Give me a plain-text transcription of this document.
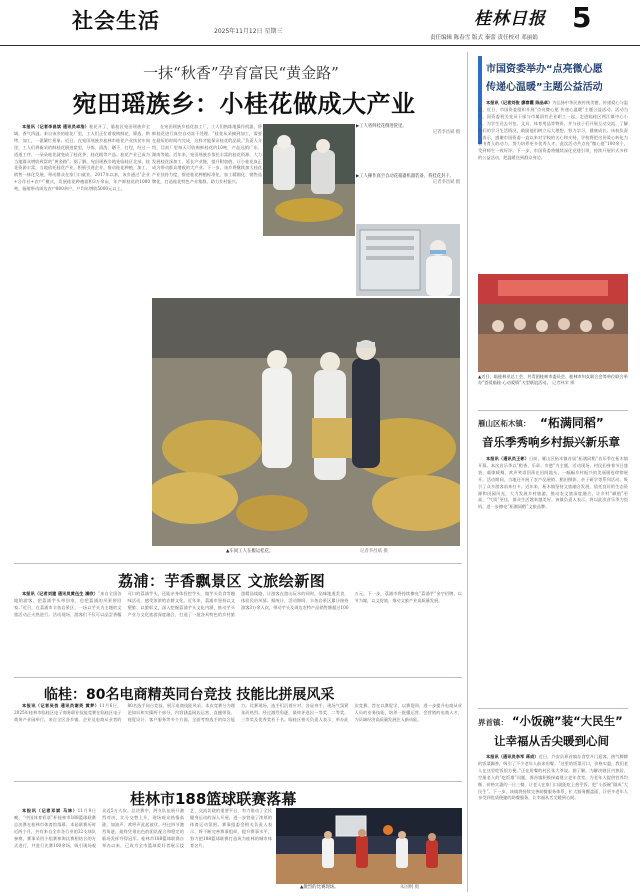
社会生活	2025年11月12日 星期三
桂林日报 5
责任编辑 陈春雪 版式 秦蕾 责任校对 邓丽娟
一抹“秋香”孕育富民“黄金路”
宛田瑶族乡：小桂花做成大产业

本报讯（记者李昌斌 通讯员卓浩）桂花开了，临桂区宛田瑶族乡全域，香气四溢。来自该乡的桂花厂里，工人们正忙着收购鲜花、筛选、烘烤、加工，一派繁忙景象。近日，在宛田瑶族乡桂林市桂花产业扶贫车间里，工人们将新采的鲜桂花倒进筐里，分拣、清洗、晒干、打包，经过一道道工序，一朵朵桂花就变成了桂花茶、桂花糕等产品。桂花产业已成为当地群众增收致富的“黄金路”。据了解，宛田瑶族乡地处临桂区北部，桂花资源丰富，当地依托桂花产业，积极引进企业，推动桂花种植、加工、销售一体化发展，带动群众在家门口就业。2017年以来，该乡通过“企业+合作社+农户”模式，发展桂花种植面积3万余亩，年产鲜桂花约1000吨，辐射带动周边农户800余户，户均年增收5000元以上。

在宛田瑶族乡桂花加工厂，工人们熟练地操作机器，将鲜桂花进行真空自动冻干处理。“桂花从采摘到加工，需要在最短的时间内完成，这样才能保证桂花的品质。”负责人介绍，目前厂里每天可收购鲜桂花约10吨，产品远销广东、湖南等地。近年来，宛田瑶族乡依托丰富的桂花资源，大力发展桂花深加工，延长产业链，提升附加值，让小桂花真正成为带动群众增收的大产业。下一步，该乡将继续加大桂花产业扶持力度，推进桂花种植标准化、加工精细化、销售品牌化，打造桂花特色产业集群，助力乡村振兴。

▶工人将鲜桂花倒进筐里。
记者李昌斌 摄
▶工人操作真空自动花箱器机器装备，将桂花封干。
记者李昌斌 摄
▲车间工人在搬运桂花。	记者李昌斌 摄
荔浦：芋香飘景区 文旅绘新图

本报讯（记者刘建 通讯员黄伍生 潘欣）“来自全国各地的游客，把荔浦芋头带回家，也把荔浦的风景带回家。”近日，在荔浦市丰鱼岩景区，一场以芋头为主题的文旅活动正火热进行。活动现场，游客们不仅可以品尝香糯可口的荔浦芋头，还能亲身体验挖芋头、做芋头美食等趣味活动，感受浓浓的农耕文化。近年来，荔浦市坚持以文塑旅、以旅彰文，深入挖掘荔浦芋头文化内涵，推动芋头产业与文化旅游深度融合，打造了一批各具特色的乡村旅游精品线路，让游客在游山玩水的同时，品味地道美食，体验民俗风情。据统计，活动期间，丰鱼岩景区累计接待游客3万余人次，带动芋头及周边农特产品销售额超过100万元。下一步，荔浦市将持续擦亮“荔浦芋”金字招牌，以节为媒，以文促旅，推动文旅产业高质量发展。

临桂：80名电商精英同台竞技 技能比拼展风采

本报讯（记者吴畏 通讯员谢英 黄梦）11月6日，2025年桂林市临桂区电子商务职业技能竞赛在临桂区电子商务产业园举行，来自全区各乡镇、企业及电商从业者的80名选手同台竞技，展示电商技能风采。本次竞赛分为理论知识和实操两个部分，内容涵盖网店运营、直播带货、视觉设计、客户服务等多个方面，全面考察选手的综合能力。比赛现场，选手们沉着应对，各显身手，现场气氛紧张而热烈。经过激烈角逐，最终评选出一等奖、二等奖、三等奖及优秀奖若干名。临桂区相关负责人表示，举办此次竞赛，旨在以赛促学、以赛促训，进一步提升电商从业人员的业务技能，培养一批懂运营、会营销的电商人才，为县域经济高质量发展注入新动能。

桂林市188篮球联赛落幕

本报讯（记者邓斌 马林）11月9日晚，“中国体育彩票”杯桂林市188篮球联赛总决赛在桂林市体育馆落幕。本届联赛历时近两个月，共有来自全市各行业的32支球队参赛，赛事采用小组赛和淘汰赛相结合的方式进行，共进行比赛100余场，吸引现场观众近5万人次。总决赛中，两支队伍展开激烈对决，比分交替上升，现场观众热情高涨，加油声、欢呼声此起彼伏。经过四节激烈角逐，最终凭借出色的团队配合和稳定的临场发挥夺得冠军。桂林市188篮球联赛自举办以来，已成为全市篮球爱好者展示技艺、交流切磋的重要平台，有力推动了全民健身运动的深入开展，进一步营造了浓厚的体育运动氛围。赛事组委会相关负责人表示，将不断完善赛事组织，提升赛事水平，努力把188篮球联赛打造成为桂林的城市体育名片。

▲激烈的比赛现场。	朱国纲 摄
市国资委举办“点亮微心愿
传递心温暖”主题公益活动

本报讯（记者刘俊 廖春霞 陈品卓）为弘扬中华民族传统美德，传递爱心与温暖，近日，市国资委组织开展“点亮微心愿 传递心温暖”主题公益活动。活动当天，国资委机关党员干部与市属国有企业职工一起，走进临桂区两江镇中心小学，为学生送去书包、文具、体育用品等物资，并与孩子们开展互动交流，了解他们的学习生活情况，鼓励他们树立远大理想，努力学习，健康成长。该校负责人表示，感谢市国资委一直以来对学校的关心和支持，学校将把这份爱心转化为教书育人的动力，努力培养更多优秀人才。此次活动共点亮“微心愿”100余个，受到师生一致好评。下一步，市国资委将继续深化党建引领，持续开展形式多样的公益活动，把温暖送到群众身边。

▲近日，临桂林业总工会、共青团桂林市委员会、桂林市妇女联合会等单位联合举办“荟爱临桂·心动爱情”大型联谊活动。 记者林荣 摄
雁山区柘木镇： “柘满同稻”
音乐季秀响乡村振兴新乐章

本报讯（通讯员王彬）日前，雁山区柘木镇首届“柘满同稻”音乐季在柘木镇开幕。本次音乐季以“稻香、乐章、乡愁”为主题，活动现场，村民们身着节日盛装，载歌载舞，欢声笑语回荡在田间地头，一幅幅乡村振兴的美丽画卷徐徐展开。活动期间，当地还开展了农产品展销、稻田摄影、亲子研学等系列活动，吸引了众多游客前来打卡。近年来，柘木镇坚持文旅融合发展，依托良好的生态资源和田园风光，大力发展乡村旅游，推动农文旅深度融合，让乡村“颜值”更高、“气质”更佳，群众生活越来越美好。该镇负责人表示，将以此次音乐季为契机，进一步擦亮“柘满同稻”文旅品牌。

界首镇： “小饭碗”装“大民生”
让幸福从舌尖暖到心间

本报讯（通讯员李军 蒋成）近日，兴安县界首镇办食堂开门迎客，热气腾腾的饭菜飘香，吸引了不少老年人前来用餐。“这里的饭菜可口，价格实惠，我们老人在这里吃饭很方便。”正在用餐的村民张大爷说。据了解，为解决辖区内独居、空巢老人的“吃饭难”问题，界首镇积极探索建立老年食堂，为老年人提供营养均衡、价格实惠的一日三餐，让老人在家门口就能吃上热乎饭，把“小饭碗”做成“大民生”。下一步，该镇将持续完善助餐服务体系，扩大服务覆盖面，让更多老年人享受到优质便捷的助餐服务，让幸福从舌尖暖到心间。
